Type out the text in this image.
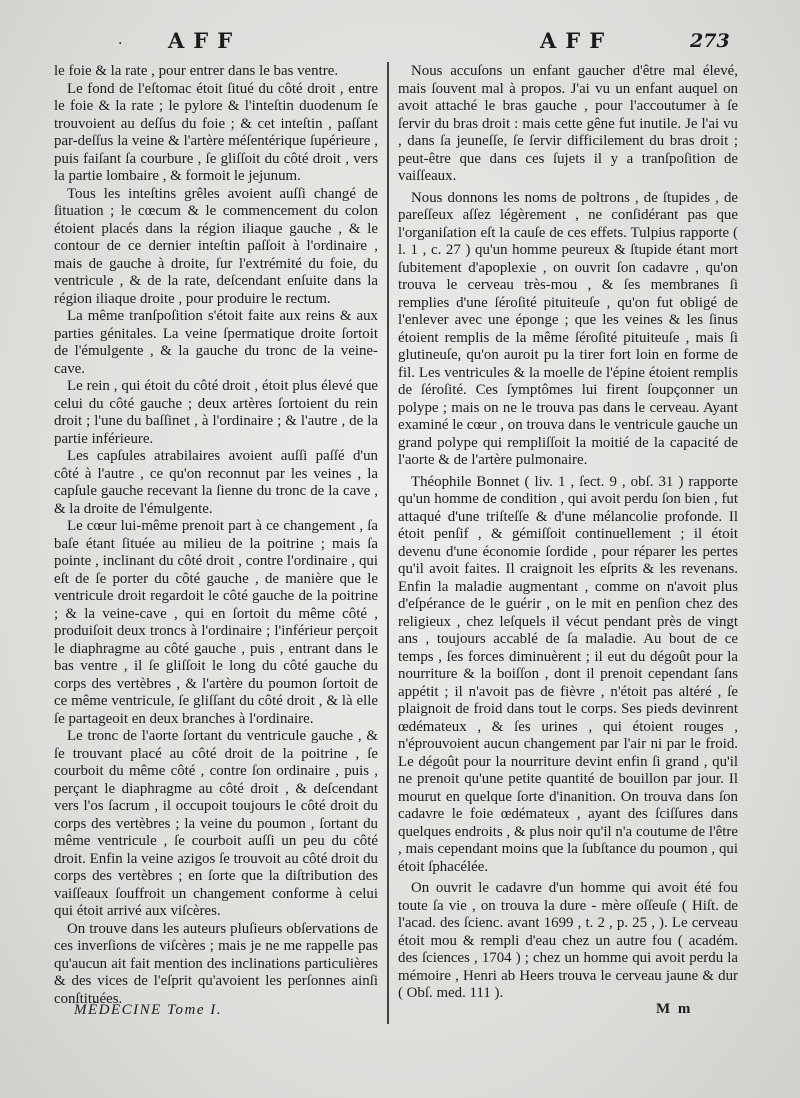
· AFF	AFF	273

le foie & la rate , pour entrer dans le bas ventre.

Le fond de l'eſtomac étoit ſitué du côté droit , entre le foie & la rate ; le pylore & l'inteſtin duodenum ſe trouvoient au deſſus du foie ; & cet inteſtin , paſſant par-deſſus la veine & l'artère méſentérique ſupérieure , puis faiſant ſa courbure , ſe gliſſoit du côté droit , vers la partie lombaire , & formoit le jejunum.

Tous les inteſtins grêles avoient auſſi changé de ſituation ; le cœcum & le commencement du colon étoient placés dans la région iliaque gauche , & le contour de ce dernier inteſtin paſſoit à l'ordinaire , mais de gauche à droite, ſur l'extrémité du foie, du ventricule , & de la rate, deſcendant enſuite dans la région iliaque droite , pour produire le rectum.

La même tranſpoſition s'étoit faite aux reins & aux parties génitales. La veine ſpermatique droite ſortoit de l'émulgente , & la gauche du tronc de la veine-cave.

Le rein , qui étoit du côté droit , étoit plus élevé que celui du côté gauche ; deux artères ſortoient du rein droit ; l'une du baſſinet , à l'ordinaire ; & l'autre , de la partie inférieure.

Les capſules atrabilaires avoient auſſi paſſé d'un côté à l'autre , ce qu'on reconnut par les veines , la capſule gauche recevant la ſienne du tronc de la cave , & la droite de l'émulgente.

Le cœur lui-même prenoit part à ce changement , ſa baſe étant ſituée au milieu de la poitrine ; mais ſa pointe , inclinant du côté droit , contre l'ordinaire , qui eſt de ſe porter du côté gauche , de manière que le ventricule droit regardoit le côté gauche de la poitrine ; & la veine-cave , qui en ſortoit du même côté , produiſoit deux troncs à l'ordinaire ; l'inférieur perçoit le diaphragme au côté gauche , puis , entrant dans le bas ventre , il ſe gliſſoit le long du côté gauche du corps des vertèbres , & l'artère du poumon ſortoit de ce même ventricule, ſe gliſſant du côté droit , & là elle ſe partageoit en deux branches à l'ordinaire.

Le tronc de l'aorte ſortant du ventricule gauche , & ſe trouvant placé au côté droit de la poitrine , ſe courboit du même côté , contre ſon ordinaire , puis , perçant le diaphragme au côté droit , & deſcendant vers l'os ſacrum , il occupoit toujours le côté droit du corps des vertèbres ; la veine du poumon , ſortant du même ventricule , ſe courboit auſſi un peu du côté droit. Enfin la veine azigos ſe trouvoit au côté droit du corps des vertèbres ; en ſorte que la diſtribution des vaiſſeaux ſouffroit un changement conforme à celui qui étoit arrivé aux viſcères.

On trouve dans les auteurs pluſieurs obſervations de ces inverſions de viſcères ; mais je ne me rappelle pas qu'aucun ait fait mention des inclinations particulières & des vices de l'eſprit qu'avoient les perſonnes ainſi conſtituées.

Nous accuſons un enfant gaucher d'être mal élevé, mais ſouvent mal à propos. J'ai vu un enfant auquel on avoit attaché le bras gauche , pour l'accoutumer à ſe ſervir du bras droit : mais cette gêne fut inutile. Je l'ai vu , dans ſa jeuneſſe, ſe ſervir difficilement du bras droit ; peut-être que dans ces ſujets il y a tranſpoſition de vaiſſeaux.

Nous donnons les noms de poltrons , de ſtupides , de pareſſeux aſſez légèrement , ne conſidérant pas que l'organiſation eſt la cauſe de ces effets. Tulpius rapporte ( l. 1 , c. 27 ) qu'un homme peureux & ſtupide étant mort ſubitement d'apoplexie , on ouvrit ſon cadavre , qu'on trouva le cerveau très-mou , & ſes membranes ſi remplies d'une ſéroſité pituiteuſe , qu'on fut obligé de l'enlever avec une éponge ; que les veines & les ſinus étoient remplis de la même ſéroſité pituiteuſe , mais ſi glutineuſe, qu'on auroit pu la tirer fort loin en forme de fil. Les ventricules & la moelle de l'épine étoient remplis de ſéroſité. Ces ſymptômes lui firent ſoupçonner un polype ; mais on ne le trouva pas dans le cerveau. Ayant examiné le cœur , on trouva dans le ventricule gauche un grand polype qui rempliſſoit la moitié de la capacité de l'aorte & de l'artère pulmonaire.

Théophile Bonnet ( liv. 1 , ſect. 9 , obſ. 31 ) rapporte qu'un homme de condition , qui avoit perdu ſon bien , fut attaqué d'une triſteſſe & d'une mélancolie profonde. Il étoit penſif , & gémiſſoit continuellement ; il étoit devenu d'une économie ſordide , pour réparer les pertes qu'il avoit faites. Il craignoit les eſprits & les revenans. Enfin la maladie augmentant , comme on n'avoit plus d'eſpérance de le guérir , on le mit en penſion chez des religieux , chez leſquels il vécut pendant près de vingt ans , toujours accablé de ſa maladie. Au bout de ce temps , ſes forces diminuèrent ; il eut du dégoût pour la nourriture & la boiſſon , dont il prenoit cependant ſans appétit ; il n'avoit pas de fièvre , n'étoit pas altéré , ſe plaignoit de froid dans tout le corps. Ses pieds devinrent œdémateux , & ſes urines , qui étoient rouges , n'éprouvoient aucun changement par l'air ni par le froid. Le dégoût pour la nourriture devint enfin ſi grand , qu'il ne prenoit qu'une petite quantité de bouillon par jour. Il mourut en quelque ſorte d'inanition. On trouva dans ſon cadavre le foie œdémateux , ayant des ſciſſures dans quelques endroits , & plus noir qu'il n'a coutume de l'être , mais cependant moins que la ſubſtance du poumon , qui étoit ſphacélée.

On ouvrit le cadavre d'un homme qui avoit été fou toute ſa vie , on trouva la dure - mère oſſeuſe ( Hiſt. de l'acad. des ſcienc. avant 1699 , t. 2 , p. 25 , ). Le cerveau étoit mou & rempli d'eau chez un autre fou ( académ. des ſciences , 1704 ) ; chez un homme qui avoit perdu la mémoire , Henri ab Heers trouva le cerveau jaune & dur ( Obſ. med. 111 ).

MÉDECINE Tome I.	M m
